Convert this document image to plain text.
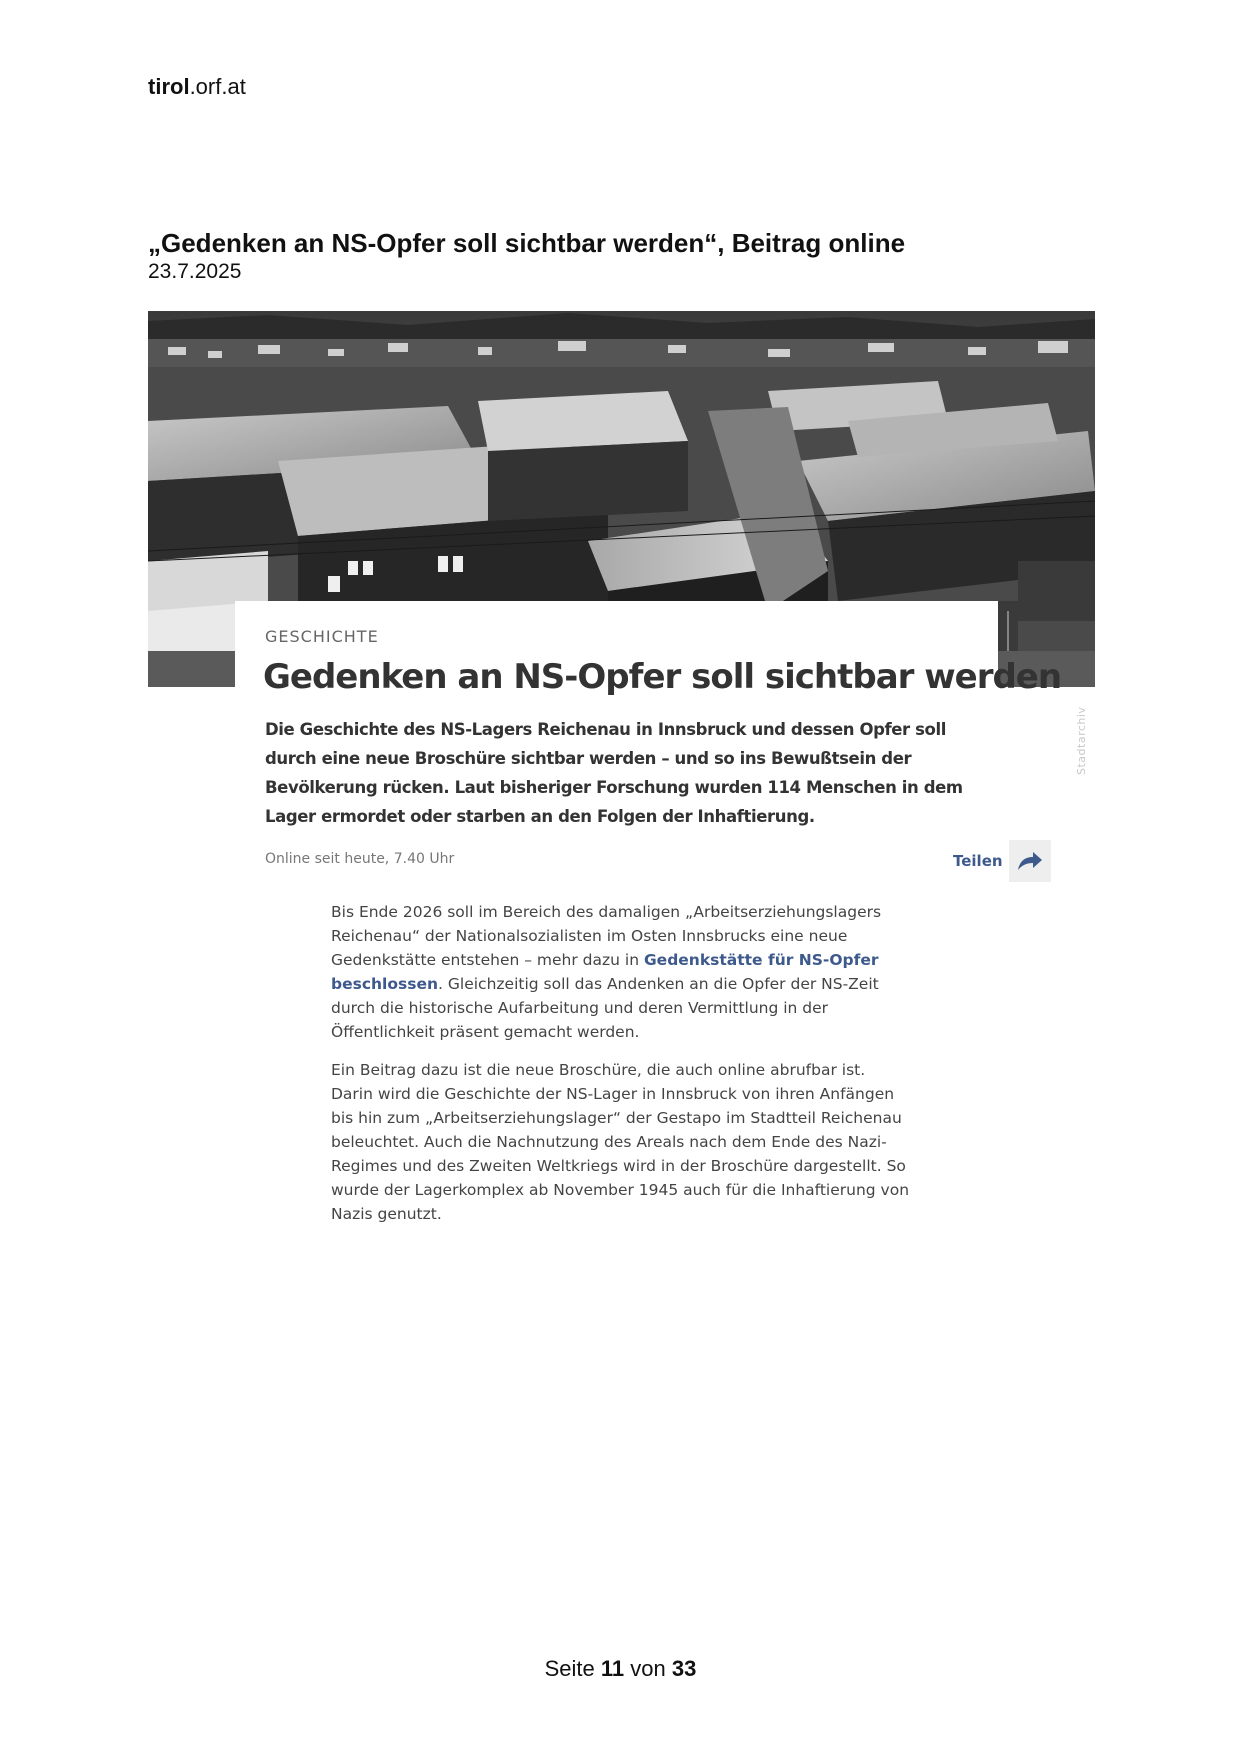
tirol.orf.at
„Gedenken an NS-Opfer soll sichtbar werden“, Beitrag online
23.7.2025
Stadtarchiv
GESCHICHTE
Gedenken an NS-Opfer soll sichtbar werden

Die Geschichte des NS-Lagers Reichenau in Innsbruck und dessen Opfer soll durch eine neue Broschüre sichtbar werden – und so ins Bewußtsein der Bevölkerung rücken. Laut bisheriger Forschung wurden 114 Menschen in dem Lager ermordet oder starben an den Folgen der Inhaftierung.

Online seit heute, 7.40 Uhr	Teilen

Bis Ende 2026 soll im Bereich des damaligen „Arbeitserziehungslagers Reichenau“ der Nationalsozialisten im Osten Innsbrucks eine neue Gedenkstätte entstehen – mehr dazu in Gedenkstätte für NS-Opfer beschlossen. Gleichzeitig soll das Andenken an die Opfer der NS-Zeit durch die historische Aufarbeitung und deren Vermittlung in der Öffentlichkeit präsent gemacht werden.

Ein Beitrag dazu ist die neue Broschüre, die auch online abrufbar ist. Darin wird die Geschichte der NS-Lager in Innsbruck von ihren Anfängen bis hin zum „Arbeitserziehungslager“ der Gestapo im Stadtteil Reichenau beleuchtet. Auch die Nachnutzung des Areals nach dem Ende des Nazi-Regimes und des Zweiten Weltkriegs wird in der Broschüre dargestellt. So wurde der Lagerkomplex ab November 1945 auch für die Inhaftierung von Nazis genutzt.

Seite 11 von 33
